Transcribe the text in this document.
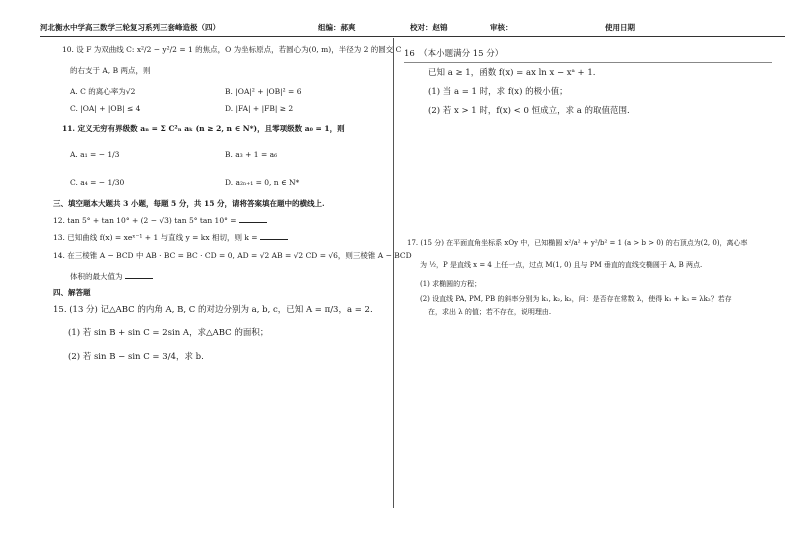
河北衡水中学高三数学三轮复习系列三套峰造极（四）	组编：郝爽	校对：赵锦	审核：	使用日期
10. 设 F 为双曲线 C: x²/2 − y²/2 = 1 的焦点，O 为坐标原点，若圆心为(0, m)，半径为 2 的圆交 C
的右支于 A, B 两点，则
A. C 的离心率为√2	B. |OA|² + |OB|² = 6
C. |OA| + |OB| ≤ 4	D. |FA| + |FB| ≥ 2
11. 定义无穷有界级数 aₙ = Σ C²ₙ aₖ (n ≥ 2, n ∈ N*)，且零项级数 a₀ = 1，则
A. a₁ = − 1/3	B. a₃ + 1 = a₆
C. a₄ = − 1/30	D. a₂ₙ₊₁ = 0, n ∈ N*
三、填空题本大题共 3 小题，每题 5 分，共 15 分，请将答案填在题中的横线上.
12. tan 5° + tan 10° + (2 − √3) tan 5° tan 10° =
13. 已知曲线 f(x) = xeˣ⁻¹ + 1 与直线 y = kx 相切，则 k =
14. 在三棱锥 A − BCD 中 AB · BC = BC · CD = 0, AD = √2 AB = √2 CD = √6，则三棱锥 A − BCD
体积的最大值为
四、解答题
15. (13 分) 记△ABC 的内角 A, B, C 的对边分别为 a, b, c，已知 A = π/3，a = 2.
(1) 若 sin B + sin C = 2sin A，求△ABC 的面积；
(2) 若 sin B − sin C = 3/4，求 b.
16　（本小题满分 15 分）
已知 a ≥ 1，函数 f(x) = ax ln x − xᵃ + 1.
(1) 当 a = 1 时，求 f(x) 的极小值；
(2) 若 x > 1 时，f(x) < 0 恒成立，求 a 的取值范围.
17. (15 分) 在平面直角坐标系 xOy 中，已知椭圆 x²/a² + y²/b² = 1 (a > b > 0) 的右顶点为(2, 0)，离心率
为 ½，P 是直线 x = 4 上任一点，过点 M(1, 0) 且与 PM 垂直的直线交椭圆于 A, B 两点.
(1) 求椭圆的方程；
(2) 设直线 PA, PM, PB 的斜率分别为 k₁, k₂, k₃，问：是否存在常数 λ，使得 k₁ + k₃ = λk₂？若存
在，求出 λ 的值；若不存在，说明理由.
